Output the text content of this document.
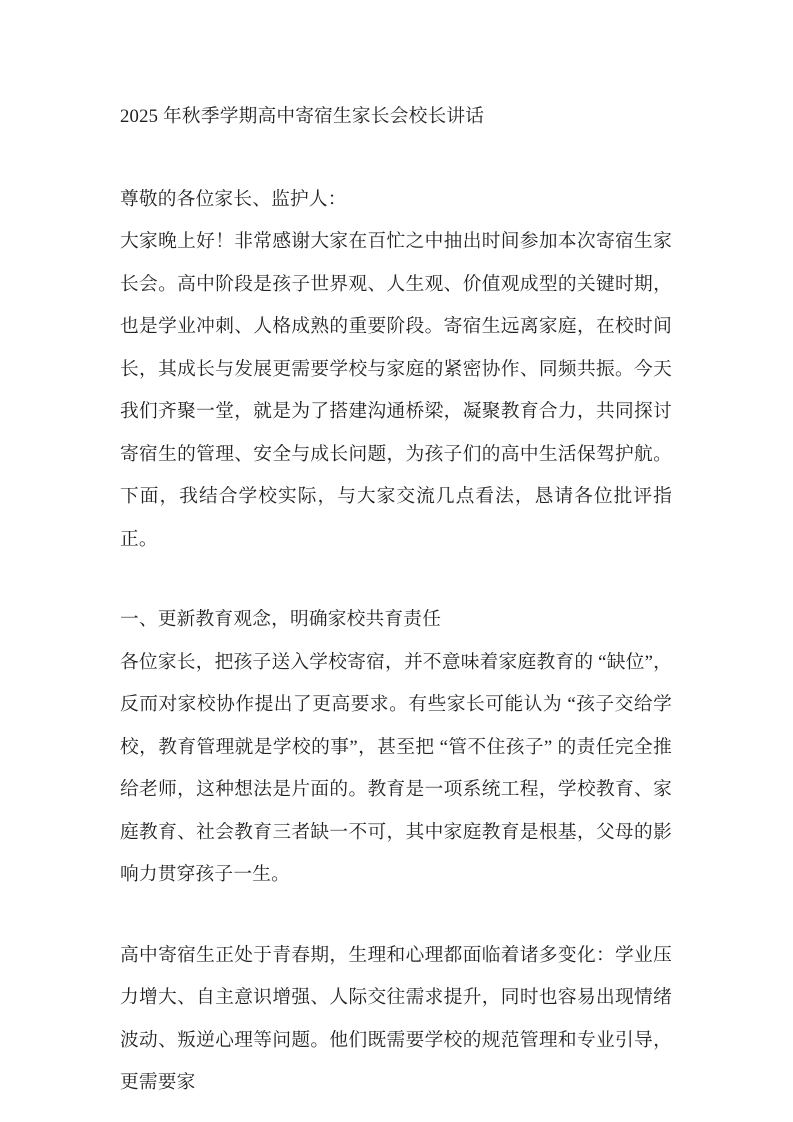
2025 年秋季学期高中寄宿生家长会校长讲话

尊敬的各位家长、监护人：

大家晚上好！非常感谢大家在百忙之中抽出时间参加本次寄宿生家长会。高中阶段是孩子世界观、人生观、价值观成型的关键时期，也是学业冲刺、人格成熟的重要阶段。寄宿生远离家庭，在校时间长，其成长与发展更需要学校与家庭的紧密协作、同频共振。今天我们齐聚一堂，就是为了搭建沟通桥梁，凝聚教育合力，共同探讨寄宿生的管理、安全与成长问题，为孩子们的高中生活保驾护航。下面，我结合学校实际，与大家交流几点看法，恳请各位批评指正。

一、更新教育观念，明确家校共育责任

各位家长，把孩子送入学校寄宿，并不意味着家庭教育的 “缺位”，反而对家校协作提出了更高要求。有些家长可能认为 “孩子交给学校，教育管理就是学校的事”，甚至把 “管不住孩子” 的责任完全推给老师，这种想法是片面的。教育是一项系统工程，学校教育、家庭教育、社会教育三者缺一不可，其中家庭教育是根基，父母的影响力贯穿孩子一生。

高中寄宿生正处于青春期，生理和心理都面临着诸多变化：学业压力增大、自主意识增强、人际交往需求提升，同时也容易出现情绪波动、叛逆心理等问题。他们既需要学校的规范管理和专业引导，更需要家
